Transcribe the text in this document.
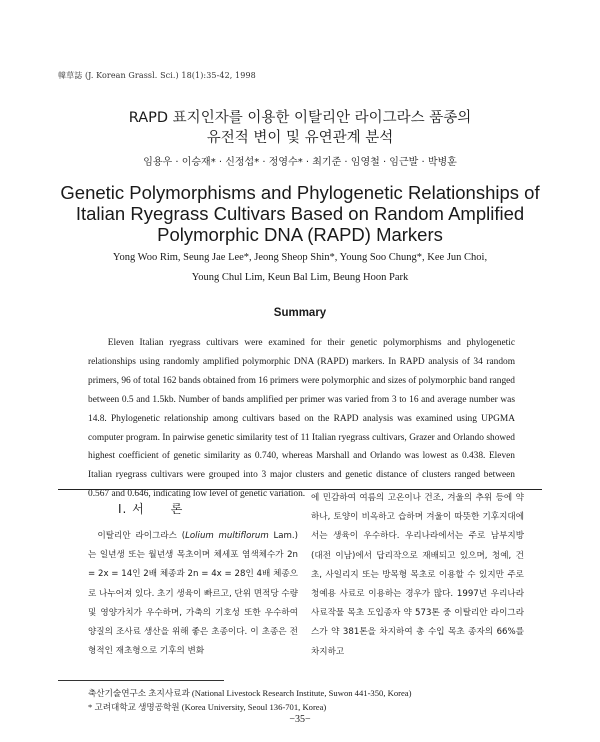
韓草誌 (J. Korean Grassl. Sci.) 18(1):35-42, 1998
RAPD 표지인자를 이용한 이탈리안 라이그라스 품종의
유전적 변이 및 유연관계 분석
임용우 · 이승재* · 신정섭* · 정영수* · 최기준 · 임영철 · 임근발 · 박병훈
Genetic Polymorphisms and Phylogenetic Relationships of
Italian Ryegrass Cultivars Based on Random Amplified
Polymorphic DNA (RAPD) Markers
Yong Woo Rim, Seung Jae Lee*, Jeong Sheop Shin*, Young Soo Chung*, Kee Jun Choi,
Young Chul Lim, Keun Bal Lim, Beung Hoon Park
Summary

Eleven Italian ryegrass cultivars were examined for their genetic polymorphisms and phylogenetic relationships using randomly amplified polymorphic DNA (RAPD) markers. In RAPD analysis of 34 random primers, 96 of total 162 bands obtained from 16 primers were polymorphic and sizes of polymorphic band ranged between 0.5 and 1.5kb. Number of bands amplified per primer was varied from 3 to 16 and average number was 14.8. Phylogenetic relationship among cultivars based on the RAPD analysis was examined using UPGMA computer program. In pairwise genetic similarity test of 11 Italian ryegrass cultivars, Grazer and Orlando showed highest coefficient of genetic similarity as 0.740, whereas Marshall and Orlando was lowest as 0.438. Eleven Italian ryegrass cultivars were grouped into 3 major clusters and genetic distance of clusters ranged between 0.567 and 0.646, indicating low level of genetic variation.

I. 서　　론

이탈리안 라이그라스 (Lolium multiflorum Lam.)는 일년생 또는 월년생 목초이며 체세포 염색체수가 2n = 2x = 14인 2배 체종과 2n = 4x = 28인 4배 체종으로 나누어져 있다. 초기 생육이 빠르고, 단위 면적당 수량 및 영양가치가 우수하며, 가축의 기호성 또한 우수하여 양질의 조사료 생산을 위해 좋은 초종이다. 이 초종은 전형적인 재초형으로 기후의 변화

에 민감하여 여름의 고온이나 건조, 겨울의 추위 등에 약하나, 토양이 비옥하고 습하며 겨울이 따뜻한 기후지대에서는 생육이 우수하다. 우리나라에서는 주로 남부지방 (대전 이남)에서 답리작으로 재배되고 있으며, 청예, 건초, 사일리지 또는 방목형 목초로 이용할 수 있지만 주로 청예용 사료로 이용하는 경우가 많다. 1997년 우리나라 사료작물 목초 도입종자 약 573톤 중 이탈리안 라이그라스가 약 381톤을 차지하여 총 수입 목초 종자의 66%를 차지하고

축산기술연구소 초지사료과 (National Livestock Research Institute, Suwon 441-350, Korea)
* 고려대학교 생명공학원 (Korea University, Seoul 136-701, Korea)
−35−
